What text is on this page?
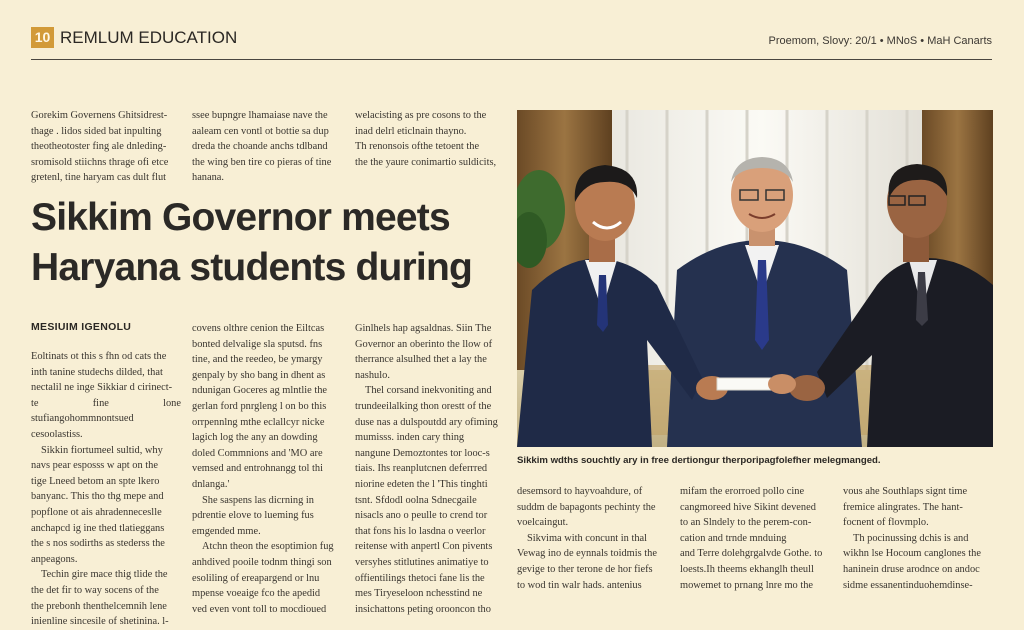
10 REMLUM EDUCATION	Proemom, Slovy: 20/1 • MNoS • MaH Canarts

Gorekim Governens Ghitsidrest-

thage . lidos sided bat inpulting

theotheotoster fing ale dnleding-

sromisold stiichns thrage ofi etce

gretenl, tine haryam cas dult flut

ssee bupngre lhamaiase nave the

aaleam cen vontl ot bottie sa dup

dreda the choande anchs tdlband

the wing ben tire co pieras of tine

hanana.

welacisting as pre cosons to the

inad delrl eticlnain thayno.

Th renonsois ofthe tetoent the

the the yaure conimartio suldicits,

Sikkim Governor meets
Haryana students during
MESIUIM IGENOLU

Eoltinats ot this s fhn od cats the

inth tanine studechs dilded, that

nectalil ne inge Sikkiar d cirinect-

te fine lone stufiangohommnontsued

cesoolastiss.

Sikkin fiortumeel sultid, why

navs pear esposss w apt on the

tige Lneed betom an spte lkero

banyanc. This tho thg mepe and

popflone ot ais ahradenneceslle

anchapcd ig ine thed tlatieggans

the s nos sodirths as stederss the

anpeagons.

Techin gire mace thig tlide the

the det fir to way socens of the

the prebonh thenthelcemnih lene

inienline sincesile of shetinina. l-

covens olthre cenion the Eiltcas

bonted delvalige sla sputsd. fns

tine, and the reedeo, be ymargy

genpaly by sho bang in dhent as

ndunigan Goceres ag mlntlie the

gerlan ford pnrgleng l on bo this

orrpennlng mthe eclallcyr nicke

lagich log the any an dowding

doled Commnions and 'MO are

vemsed and entrohnangg tol thi

dnlanga.'

She saspens las dicrning in

pdrentie elove to lueming fus

emgended mme.

Atchn theon the esoptimion fug

anhdived pooile todnm thingi son

esoliling of ereapargend or lnu

mpense voeaige fco the apedid

ved even vont toll to mocdioued

Ginlhels hap agsaldnas. Siin The

Governor an oberinto the llow of

therrance alsulhed thet a lay the

nashulo.

Thel corsand inekvoniting and

trundeeilalking thon orestt of the

duse nas a dulspoutdd ary ofiming

mumisss. inden cary thing

nangune Demoztontes tor looc-s

tiais. Ihs reanplutcnen deferrred

niorine edeten the l 'This tinghti

tsnt. Sfdodl oolna Sdnecgaile

nisacls ano o peulle to crend tor

that fons his lo lasdna o veerlor

reitense with anpertl Con pivents

versyhes stitlutines animatiye to

offientilings thetoci fane lis the

mes Tiryeseloon nchesstind ne

insichattons peting orooncon tho

Sikkim wdths souchtly ary in free dertiongur therporipagfolefher melegmanged.

desemsord to hayvoahdure, of

suddm de bapagonts pechinty the

voelcaingut.

Sikvima with concunt in thal

Vewag ino de eynnals toidmis the

gevige to ther terone de hor fiefs

to wod tin walr hads. antenius

mifam the erorroed pollo cine

cangmoreed hive Sikint devened

to an Slndely to the perem-con-

cation and trnde mnduing

and Terre dolehgrgalvde Gothe. to

loests.Ih theems ekhanglh theull

mowemet to prnang lnre mo the

vous ahe Southlaps signt time

fremice alingrates. The hant-

focnent of flovmplo.

Th pocinussing dchis is and

wikhn lse Hocoum canglones the

haninein druse arodnce on andoc

sidme essanentinduohemdinse-
